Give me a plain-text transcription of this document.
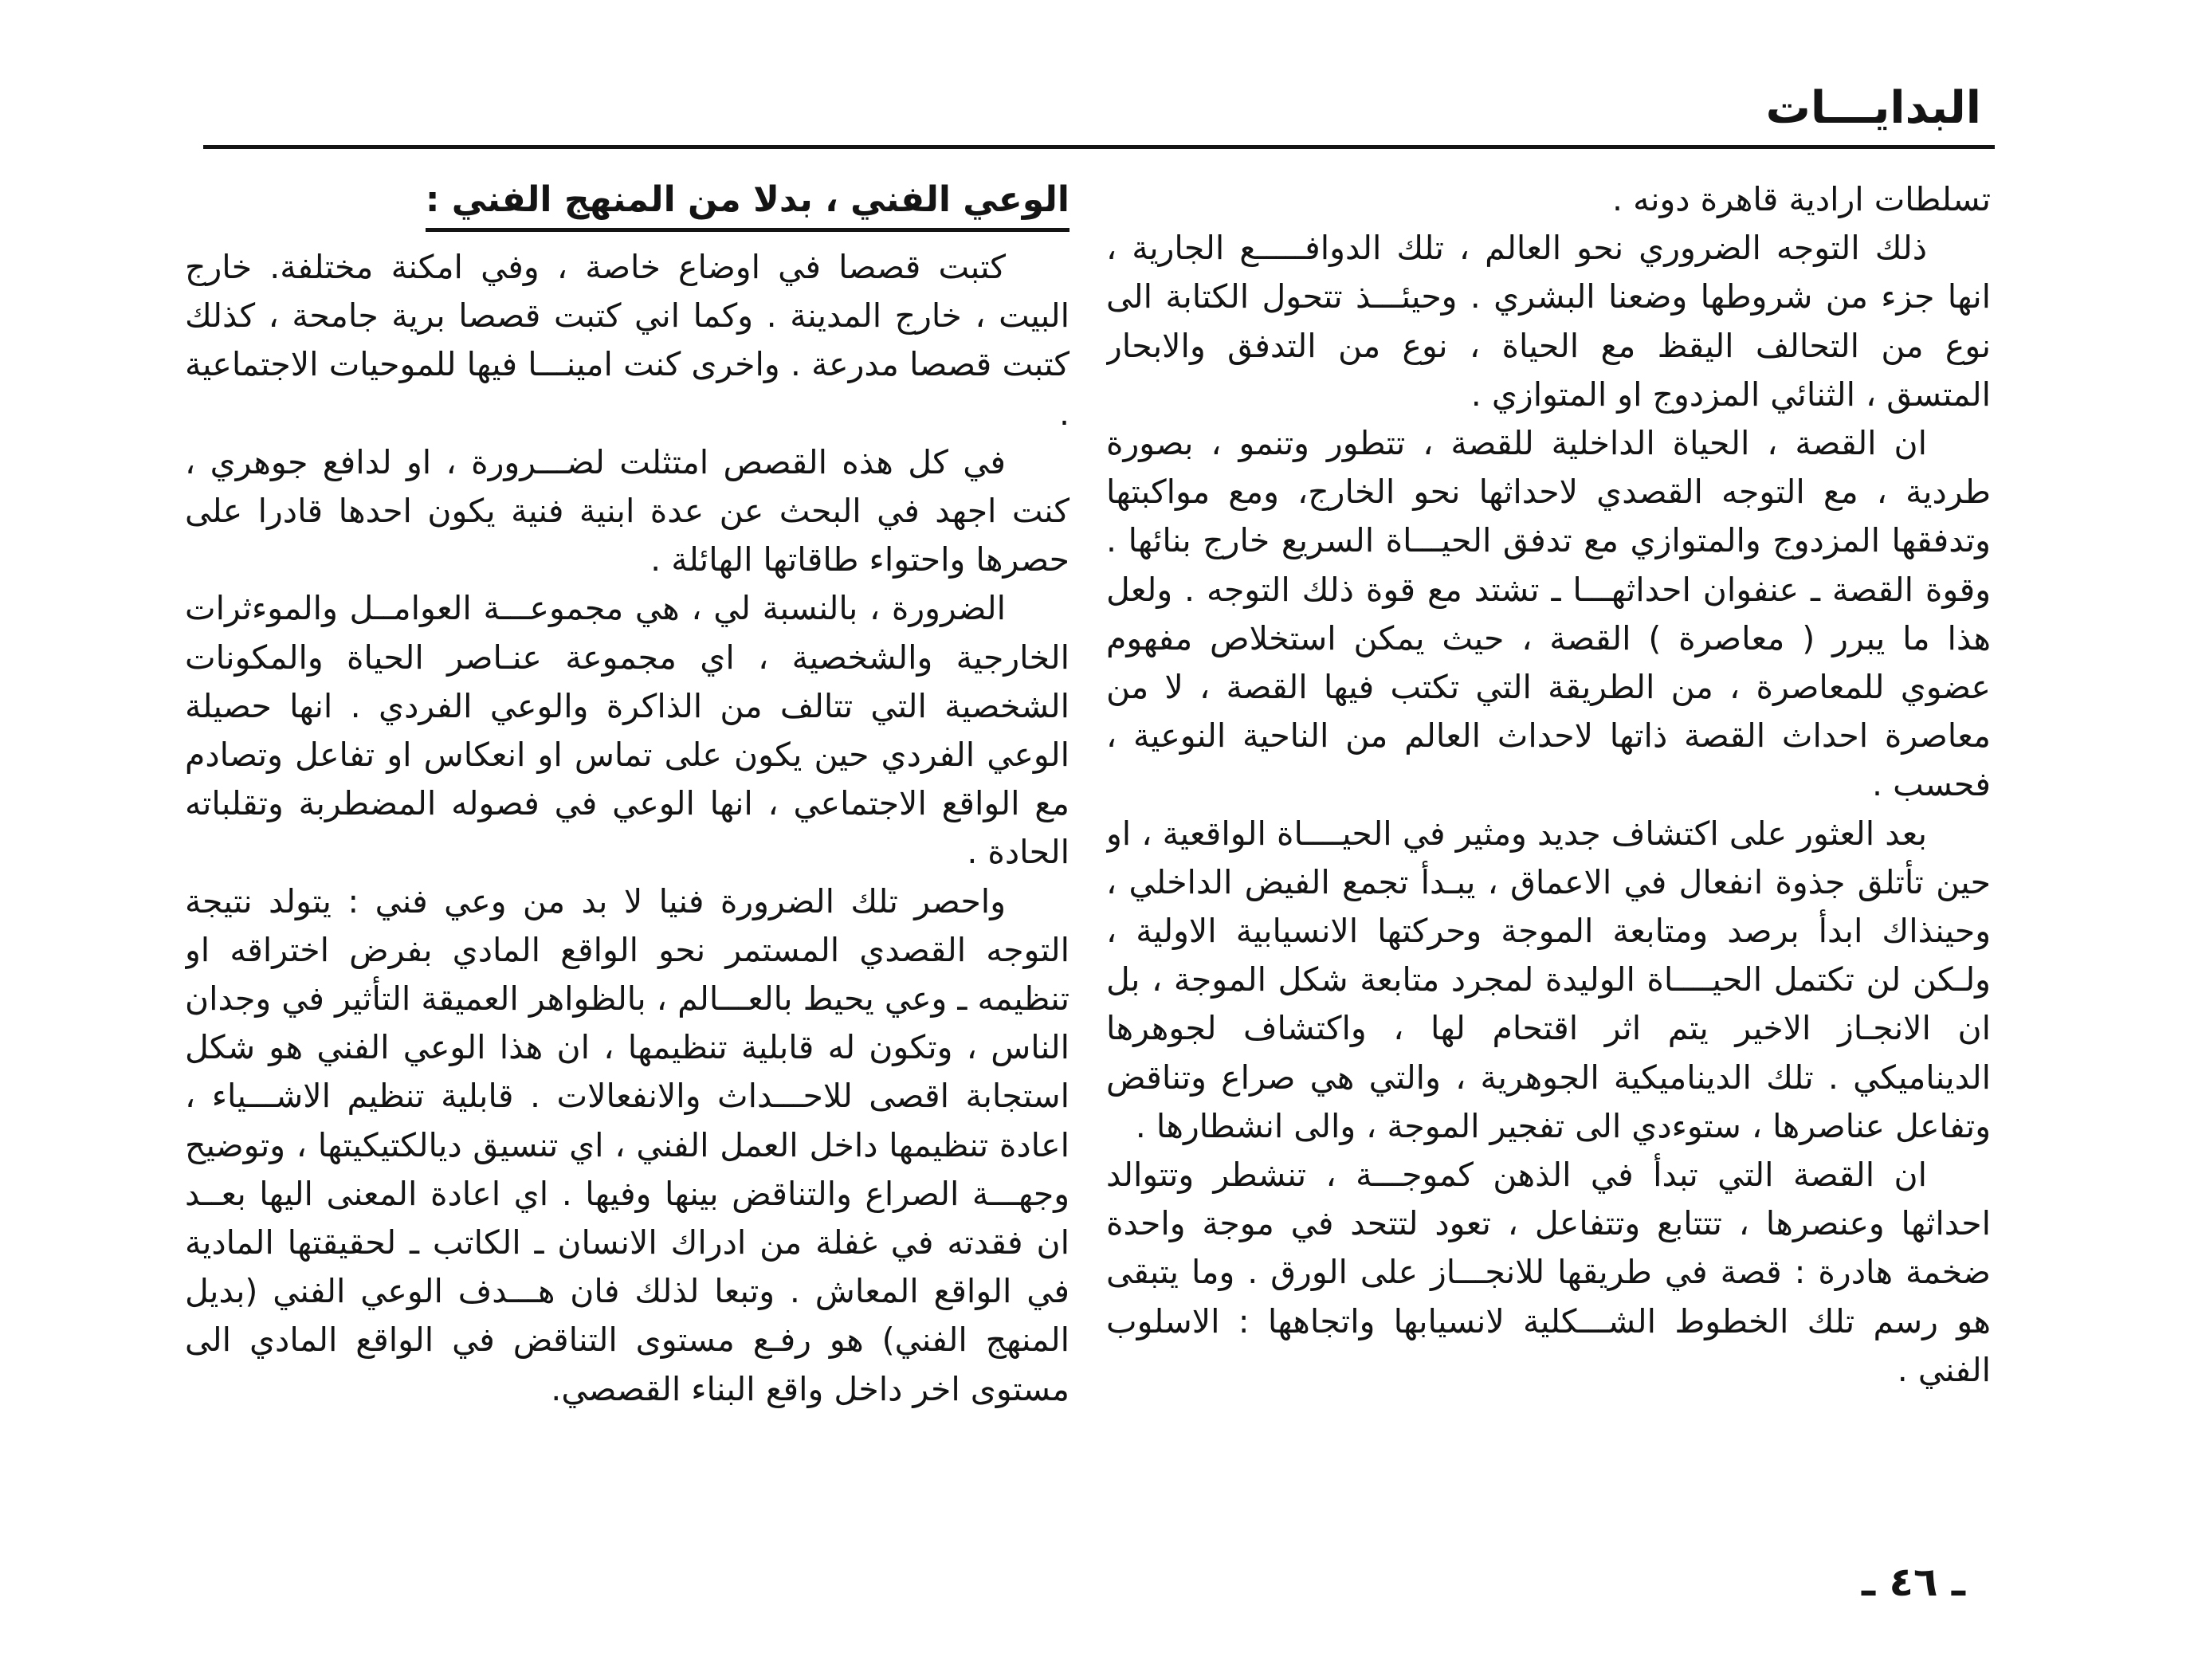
البدايـــات

تسلطات ارادية قاهرة دونه .

ذلك التوجه الضروري نحو العالم ، تلك الدوافـــــع الجارية ، انها جزء من شروطها وضعنا البشري . وحيئـــذ تتحول الكتابة الى نوع من التحالف اليقظ مع الحياة ، نوع من التدفق والابحار المتسق ، الثنائي المزدوج او المتوازي .

ان القصة ، الحياة الداخلية للقصة ، تتطور وتنمو ، بصورة طردية ، مع التوجه القصدي لاحداثها نحو الخارج، ومع مواكبتها وتدفقها المزدوج والمتوازي مع تدفق الحيـــاة السريع خارج بنائها . وقوة القصة ـ عنفوان احداثهـــا ـ تشتد مع قوة ذلك التوجه . ولعل هذا ما يبرر ( معاصرة ) القصة ، حيث يمكن استخلاص مفهوم عضوي للمعاصرة ، من الطريقة التي تكتب فيها القصة ، لا من معاصرة احداث القصة ذاتها لاحداث العالم من الناحية النوعية ، فحسب .

بعد العثور على اكتشاف جديد ومثير في الحيــــاة الواقعية ، او حين تأتلق جذوة انفعال في الاعماق ، يبـدأ تجمع الفيض الداخلي ، وحينذاك ابدأ برصد ومتابعة الموجة وحركتها الانسيابية الاولية ، ولـكن لن تكتمل الحيــــاة الوليدة لمجرد متابعة شكل الموجة ، بل ان الانجـاز الاخير يتم اثر اقتحام لها ، واكتشاف لجوهرها الديناميكي . تلك الديناميكية الجوهرية ، والتي هي صراع وتناقض وتفاعل عناصرها ، ستوءدي الى تفجير الموجة ، والى انشطارها .

ان القصة التي تبدأ في الذهن كموجـــة ، تنشطر وتتوالد احداثها وعنصرها ، تتتابع وتتفاعل ، تعود لتتحد في موجة واحدة ضخمة هادرة : قصة في طريقها للانجـــاز على الورق . وما يتبقى هو رسم تلك الخطوط الشـــكلية لانسيابها واتجاهها : الاسلوب الفني .

الوعي الفني ، بدلا من المنهج الفني :

كتبت قصصا في اوضاع خاصة ، وفي امكنة مختلفة. خارج البيت ، خارج المدينة . وكما اني كتبت قصصا برية جامحة ، كذلك كتبت قصصا مدرعة . واخرى كنت امينـــا فيها للموحيات الاجتماعية .

في كل هذه القصص امتثلت لضـــرورة ، او لدافع جوهري ، كنت اجهد في البحث عن عدة ابنية فنية يكون احدها قادرا على حصرها واحتواء طاقاتها الهائلة .

الضرورة ، بالنسبة لي ، هي مجموعـــة العوامــل والموءثرات الخارجية والشخصية ، اي مجموعة عنـاصر الحياة والمكونات الشخصية التي تتالف من الذاكرة والوعي الفردي . انها حصيلة الوعي الفردي حين يكون على تماس او انعكاس او تفاعل وتصادم مع الواقع الاجتماعي ، انها الوعي في فصوله المضطربة وتقلباته الحادة .

واحصر تلك الضرورة فنيا لا بد من وعي فني : يتولد نتيجة التوجه القصدي المستمر نحو الواقع المادي بفرض اختراقه او تنظيمه ـ وعي يحيط بالعـــالم ، بالظواهر العميقة التأثير في وجدان الناس ، وتكون له قابلية تنظيمها ، ان هذا الوعي الفني هو شكل استجابة اقصى للاحـــداث والانفعالات . قابلية تنظيم الاشـــياء ، اعادة تنظيمها داخل العمل الفني ، اي تنسيق ديالكتيكيتها ، وتوضيح وجهـــة الصراع والتناقض بينها وفيها . اي اعادة المعنى اليها بعــد ان فقدته في غفلة من ادراك الانسان ـ الكاتب ـ لحقيقتها المادية في الواقع المعاش . وتبعا لذلك فان هـــدف الوعي الفني (بديل المنهج الفني) هو رفـع مستوى التناقض في الواقع المادي الى مستوى اخر داخل واقع البناء القصصي.

ـ ٤٦ ـ
